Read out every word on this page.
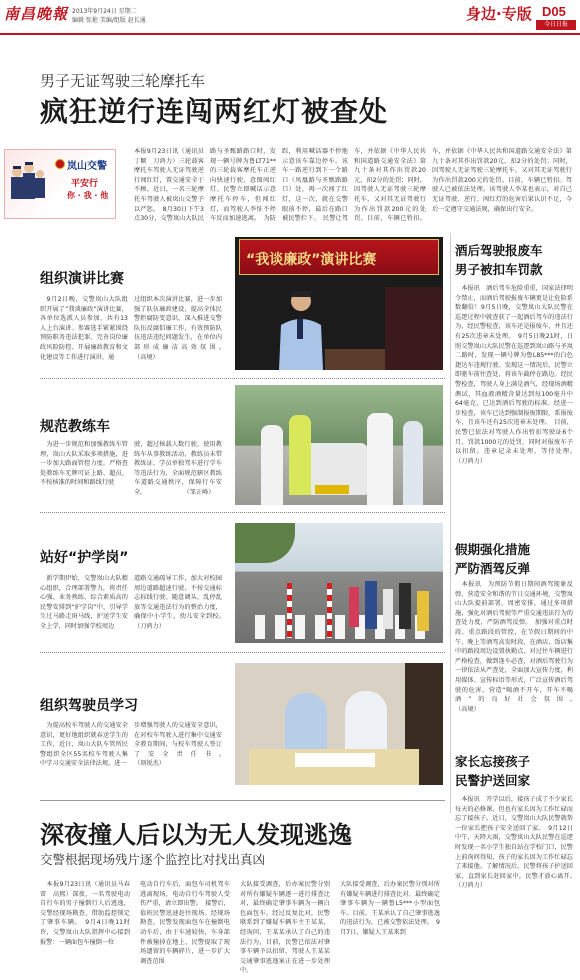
南昌晚報 2013年9月24日 星期二
编辑 张艳 美编/组版 赵长通	身边·专版 D05
今日日报
男子无证驾驶三轮摩托车
疯狂逆行连闯两红灯被查处
岚山交警
平安行
你 · 我 · 他
本报9月23日讯（通讯员丁颖　刀鸿力）三轮载客摩托车驾驶人无证驾驶逆行闯红灯，置交通安全于不顾。近日，一名三轮摩托车驾驶人被岚山交警予以严惩。　8月30日下午3点30分，交警岚山大队民
路与圣甄路路口时，发现一辆号牌为鲁LT71**的三轮载客摩托车正逆向快速行驶，意图闯红灯。民警立即喊话示意摩托车停车，但闯红灯，而驾驶人李怔不停车反而加速逃离。　为防
踪，利用喊话器不停地示意该车靠边停车。该车一路逆行到下一个路口（凤凰路与圣甄路路口）处，再一次闯了红灯，这一次，就在交警眼前不停，最后在路口被民警拦下。　民警让驾
车，并依据《中华人民共和国道路交通安全法》第九十条对其作出罚款20元，扣2分的处罚；同时，因驾驶人无证驾驶三轮摩托车，又对其无证驾驶行为作出罚款200元的处罚。目前，车辆已暂扣。
车，并依据《中华人民共和国道路交通安全法》第九十条对其作出罚款20元，扣2分的处罚；同时，因驾驶人无证驾驶三轮摩托车，又对其无证驾驶行为作出罚款200元的处罚。目前，车辆已暂扣。驾驶人已被依法处理。该驾驶人李某也表示，对自己无证驾驶、逆行、闯红灯的危害后果认识不足，今后一定遵守交通法规，确保出行安全。
组织演讲比赛
　9月2日晚，交警岚山大队组织开展了“我谈廉政”演讲比赛，各单位选派人员参加，共有13人上台演讲。参赛选手紧紧围绕预防职务违法犯罪、完善岗位廉政风险防控、开展廉政教育和文化建设等工作进行演讲，通
过组织本次演讲比赛，进一步加强了队伍廉政建设，提高全体民警拒腐防变意识，深入推进交警队伍反腐倡廉工作，有效预防队伍违法违纪问题发生，在单位内部形成廉洁高效氛围。　　　　　　　　　　（高境）
“我谈廉政”演讲比赛
规范教练车
　为进一步规范和加强教练车管理，岚山大队采取多项措施，进一步加大路面管控力度。严格查处教练车无牌可证上路、超员、不按核准的时间和路线行驶
驶，超过核载人数行驶、使用教练车从事教练活动、教练员未带教练证、学员单独驾车进行学车等违法行为，全面规范辖区教练车道路交通秩序，保障行车安全。　　　　　　　（邹正峰）
站好“护学岗”
　新学期伊始，交警岚山大队精心组织，合理部署警力，将责任心强、业务熟练、综合素质高的民警安排到“护学岗”中，引导学生过马路走斑马线，护送学生安全上学，同时加强学校周边
道路交通疏导工作，加大对校园周边道路超速行驶、不按交通标志标线行驶、随意调头、乱停乱放等交通违法行为的整治力度，确保中小学生、幼儿安全到校。　　　　　　　　　　（刀鸿力）
组织驾驶员学习
　为提高校车驾驶人的交通安全意识，更好地组织就春送学生的工作，近日，岚山大队车管所民警组织全区55名校车驾驶人集中学习交通安全法律法规，进一
步增强驾驶人的交通安全意识，在对校车驾驶人进行集中交通安全教育期间，与校车驾驶人签订了安全责任书。　　　　　　　　　　（刻锐杰）
酒后驾驶报废车
男子被扣车罚款
　本报讯　酒后驾车危险重重，国家法律明令禁止，而酒后驾驶报废车辆更是让危险系数翻倍！9月5日晚，交警岚山大队民警在巡逻过程中就查获了一起酒后驾车的违法行为，经民警检查，该车还是报废车，并且还有25次违章未处理。　9月5日晚21时，日照交警岚山大队民警在巡逻到岚山路与圣岚二路时，发现一辆号牌为鲁L85***的白色捷达车违规行驶。发现这一情况后，民警立即驱车前往查处，将该车截停在路边。经民警检查，驾驶人身上满是酒气，经现场酒精测试，其血液酒精含量达到每100毫升中64毫克，已达到酒后驾驶的标准。经进一步检查，该车已达到强制报废期限，系报废车，且该车还有25次违章未处理。　目前，民警已依法对驾驶人作出暂扣驾驶证6个月、罚款1000元的处罚，同时对报废车予以扣留。违章记录未处理，等待处理。　　　　　　　　　（刀鸿力）
假期强化措施
严防酒驾反弹
　本报讯　为预防节假日期间酒驾现象反弹，营造安全和谐的节日交通环境，交警岚山大队提前部署、周密安排，通过多项措施，强化对酒后驾驶等严重交通违法行为的查处力度，严防酒驾反弹。　加强对重点时段、重点路段的管控，在节假日期间的中午、晚上等酒驾高发时段，在酒店、饭店集中的路段周边设置执勤点，对过往车辆进行严格检查，做到逢车必查，对酒后驾驶行为一律依法从严查处，全面加大宣传力度，利用媒体、宣传标语等形式，广泛宣传酒后驾驶的危害，营造“喝酒不开车，开车不喝酒”的良好社会氛围。　　　　　　　　　　（高境）
家长忘接孩子
民警护送回家
　本报讯　开学以后，接孩子成了不少家长每天的必修课，但也有家长因为工作忙碌而忘了接孩子。近日，交警岚山大队民警就帮一位家长把孩子安全送回了家。　9月12日中午，天降大雨，交警岚山大队民警在巡逻时发现一名小学生独自站在学校门口，民警上前询问得知，孩子的家长因为工作忙碌忘了来接他。了解情况后，民警将孩子护送回家，直到家长赶回家中，民警才放心离开。　　　　　　　　　（刀鸿力）
深夜撞人后以为无人发现逃逸
交警根据现场残片逐个监控比对找出真凶
　本报9月23日讯（通讯员马春雷　高熙）深夜，一名驾驶电动自行车的男子撞倒行人后逃逸，交警经现场勘查，借助监控锁定了肇事车辆。　9月4日晚11时许，交警岚山大队指挥中心接到报警：一辆面包车撞倒一位
电动自行车后，面包车司机驾车逃离现场，电动自行车驾驶人受伤严重，请立即出警。　接警后，值班民警迅速赶往现场。经现场勘查，民警发现面包车在撞倒电动车后，由于车速较快，车身部件被撞掉在地上，民警提取了现场遗留的车辆碎片，进一步扩大调查范围
大队接受调查，后办案民警分别对所有嫌疑车辆逐一进行排查比对，最终确定肇事车辆为一辆白色面包车。经过反复比对，民警联系到了嫌疑车辆车主王某某，经询问，王某某承认了自己的违法行为，目前，民警已依法对肇事车辆予以扣留，驾驶人王某某交通肇事逃逸案正在进一步处理中。
大队接受调查，后办案民警分别对所有嫌疑车辆进行排查比对，最终确定肇事车辆为一辆鲁L5***小型面包车。目前，王某承认了自己肇事逃逸的违法行为，已被交警依法处理。　9月7日，嫌疑人王某来到
